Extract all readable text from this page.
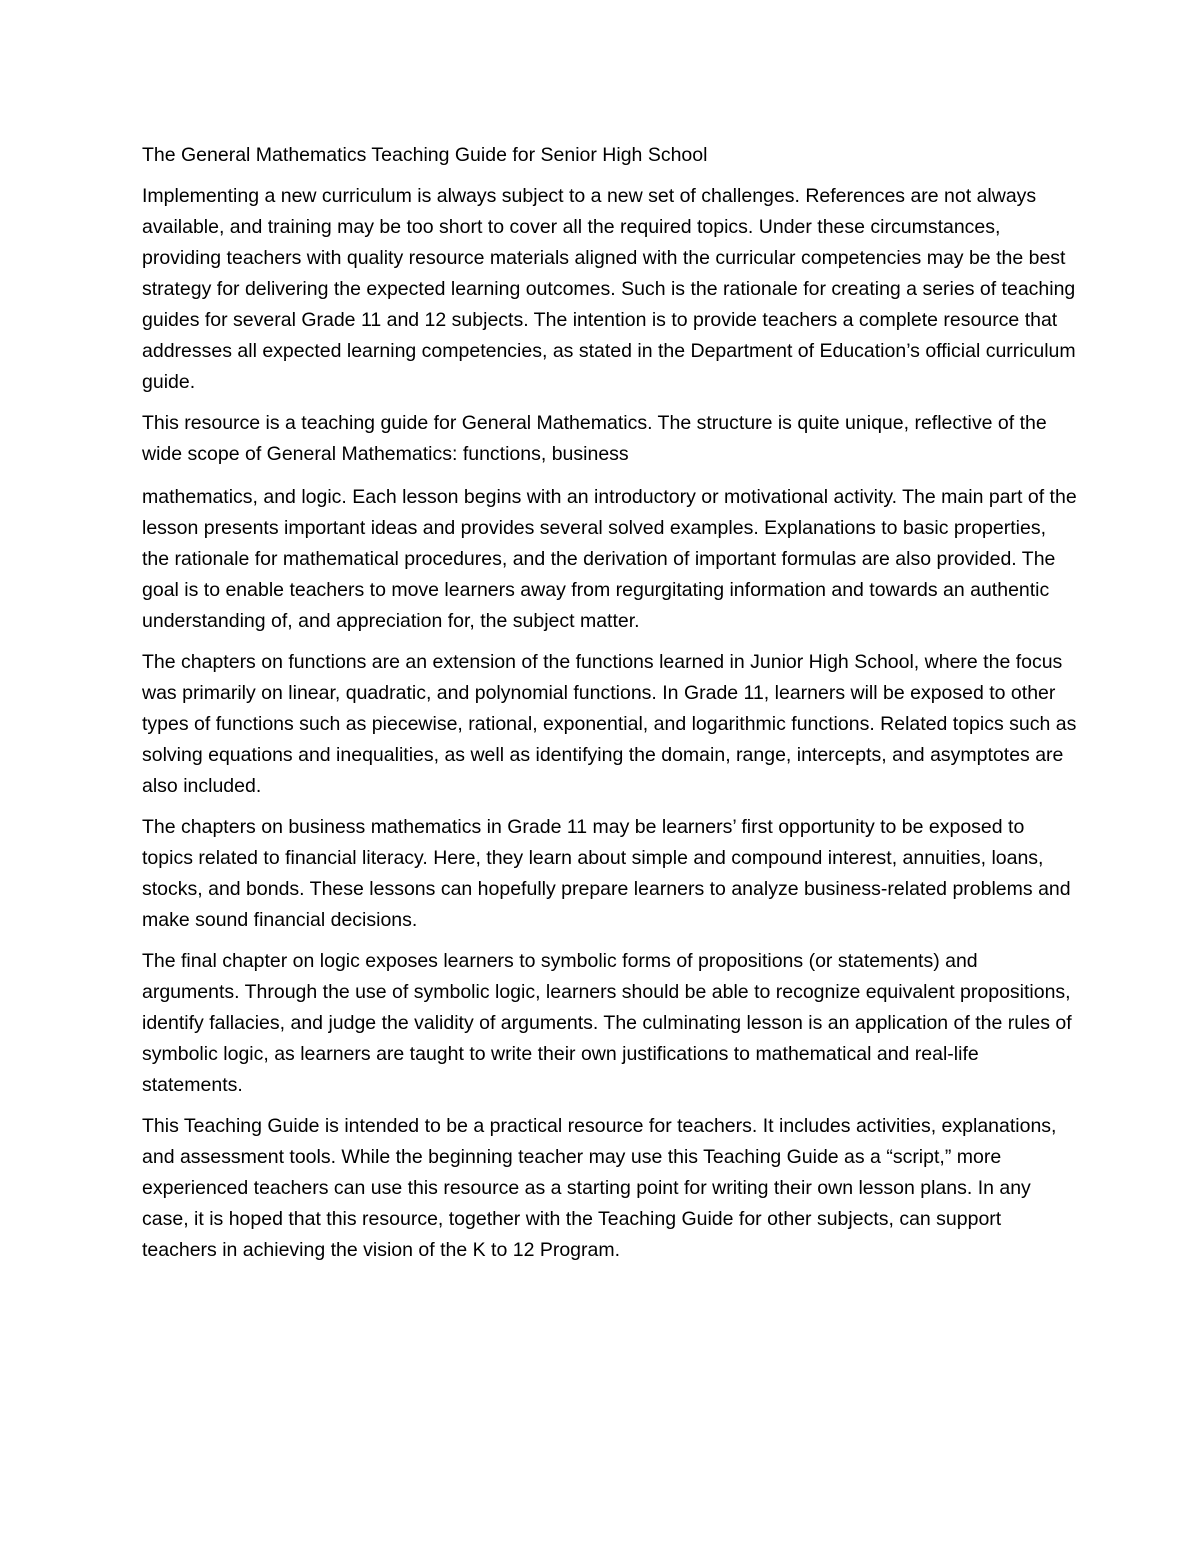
The General Mathematics Teaching Guide for Senior High School

Implementing a new curriculum is always subject to a new set of challenges. References are not always available, and training may be too short to cover all the required topics. Under these circumstances, providing teachers with quality resource materials aligned with the curricular competencies may be the best strategy for delivering the expected learning outcomes. Such is the rationale for creating a series of teaching guides for several Grade 11 and 12 subjects. The intention is to provide teachers a complete resource that addresses all expected learning competencies, as stated in the Department of Education’s official curriculum guide.

This resource is a teaching guide for General Mathematics. The structure is quite unique, reflective of the wide scope of General Mathematics: functions, business

mathematics, and logic. Each lesson begins with an introductory or motivational activity. The main part of the lesson presents important ideas and provides several solved examples. Explanations to basic properties, the rationale for mathematical procedures, and the derivation of important formulas are also provided. The goal is to enable teachers to move learners away from regurgitating information and towards an authentic understanding of, and appreciation for, the subject matter.

The chapters on functions are an extension of the functions learned in Junior High School, where the focus was primarily on linear, quadratic, and polynomial functions. In Grade 11, learners will be exposed to other types of functions such as piecewise, rational, exponential, and logarithmic functions. Related topics such as solving equations and inequalities, as well as identifying the domain, range, intercepts, and asymptotes are also included.

The chapters on business mathematics in Grade 11 may be learners’ first opportunity to be exposed to topics related to financial literacy. Here, they learn about simple and compound interest, annuities, loans, stocks, and bonds. These lessons can hopefully prepare learners to analyze business-related problems and make sound financial decisions.

The final chapter on logic exposes learners to symbolic forms of propositions (or statements) and arguments. Through the use of symbolic logic, learners should be able to recognize equivalent propositions, identify fallacies, and judge the validity of arguments. The culminating lesson is an application of the rules of symbolic logic, as learners are taught to write their own justifications to mathematical and real-life statements.

This Teaching Guide is intended to be a practical resource for teachers. It includes activities, explanations, and assessment tools. While the beginning teacher may use this Teaching Guide as a “script,” more experienced teachers can use this resource as a starting point for writing their own lesson plans. In any case, it is hoped that this resource, together with the Teaching Guide for other subjects, can support teachers in achieving the vision of the K to 12 Program.
